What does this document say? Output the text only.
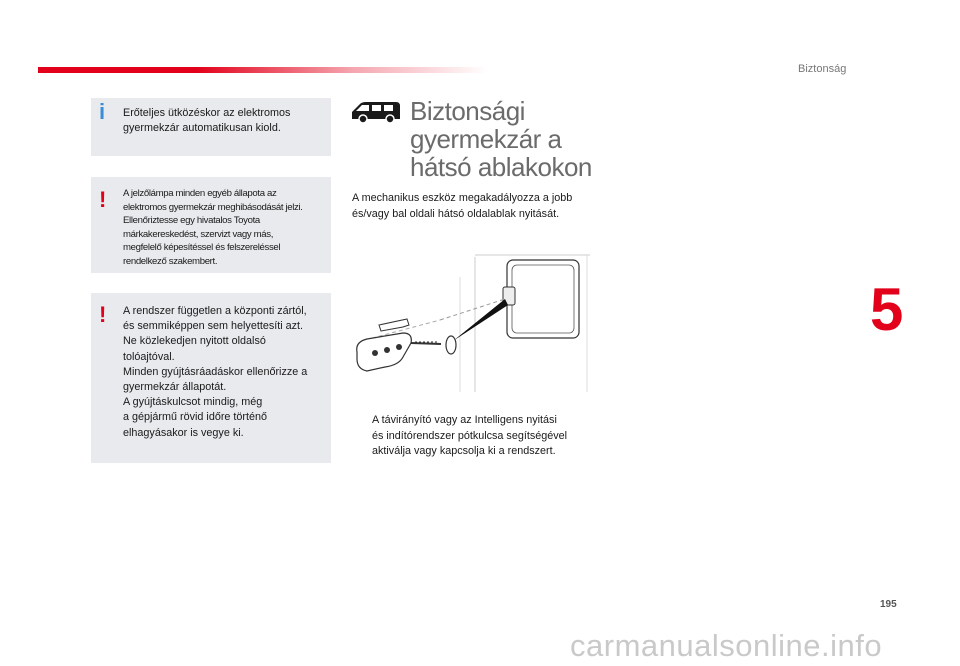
Biztonság
5
i Erőteljes ütközéskor az elektromos
gyermekzár automatikusan kiold.
! A jelzőlámpa minden egyéb állapota az
elektromos gyermekzár meghibásodását jelzi.
Ellenőriztesse egy hivatalos Toyota
márkakereskedést, szervizt vagy más,
megfelelő képesítéssel és felszereléssel
rendelkező szakembert.
! A rendszer független a központi zártól,
és semmiképpen sem helyettesíti azt.
Ne közlekedjen nyitott oldalsó
tolóajtóval.
Minden gyújtásráadáskor ellenőrizze a
gyermekzár állapotát.
A gyújtáskulcsot mindig, még
a gépjármű rövid időre történő
elhagyásakor is vegye ki.
Biztonsági
gyermekzár a
hátsó ablakokon
A mechanikus eszköz megakadályozza a jobb
és/vagy bal oldali hátsó oldalablak nyitását.
A távirányító vagy az Intelligens nyitási
és indítórendszer pótkulcsa segítségével
aktiválja vagy kapcsolja ki a rendszert.
195
carmanualsonline.info
